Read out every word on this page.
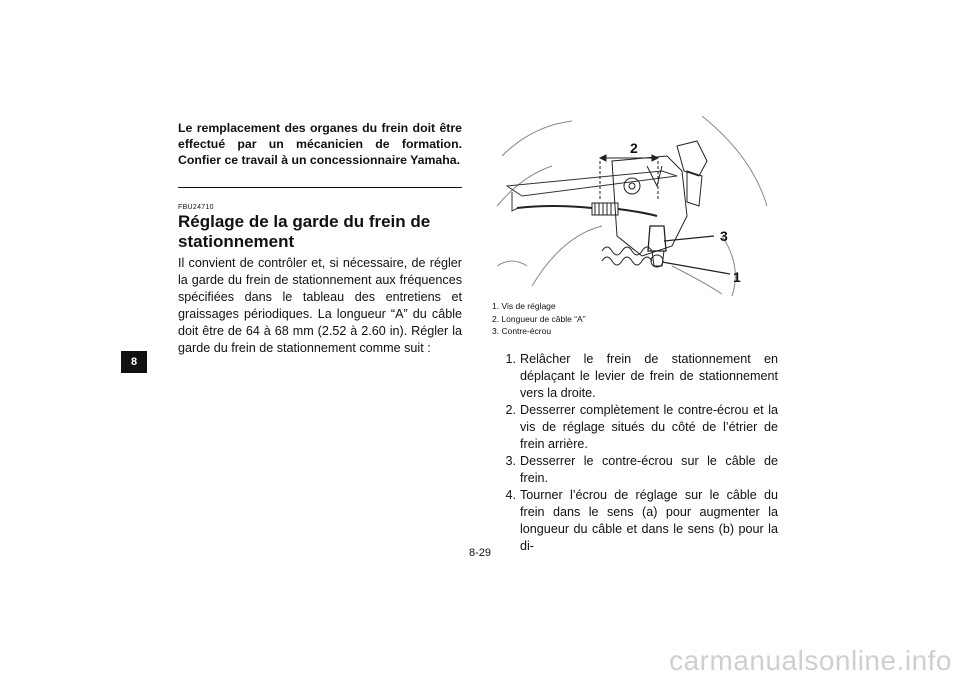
8
Le remplacement des organes du frein doit être effectué par un mécanicien de formation. Confier ce travail à un concessionnaire Yamaha.
FBU24710
Réglage de la garde du frein de stationnement
Il convient de contrôler et, si nécessaire, de régler la garde du frein de stationnement aux fréquences spécifiées dans le tableau des entretiens et graissages périodiques. La longueur “A” du câble doit être de 64 à 68 mm (2.52 à 2.60 in). Régler la garde du frein de stationnement comme suit :
2
3
1
1. Vis de réglage
2. Longueur de câble “A”
3. Contre-écrou
1. Relâcher le frein de stationnement en déplaçant le levier de frein de stationnement vers la droite.
2. Desserrer complètement le contre-écrou et la vis de réglage situés du côté de l’étrier de frein arrière.
3. Desserrer le contre-écrou sur le câble de frein.
4. Tourner l’écrou de réglage sur le câble du frein dans le sens (a) pour augmenter la longueur du câble et dans le sens (b) pour la di-
8-29
carmanualsonline.info
